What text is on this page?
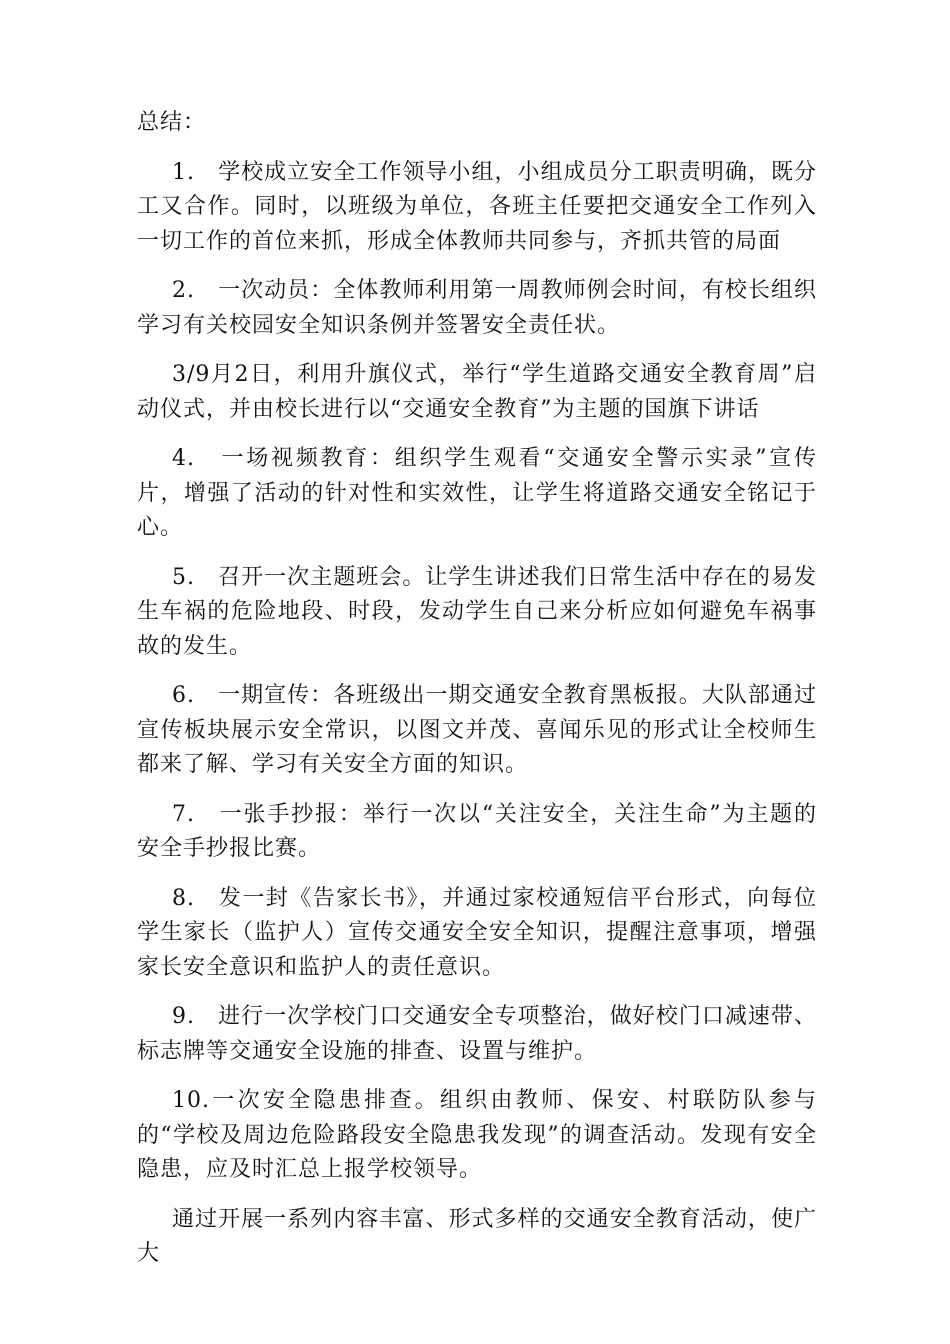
总结：

1.　学校成立安全工作领导小组，小组成员分工职责明确，既分工又合作。同时，以班级为单位，各班主任要把交通安全工作列入一切工作的首位来抓，形成全体教师共同参与，齐抓共管的局面

2.　一次动员：全体教师利用第一周教师例会时间，有校长组织学习有关校园安全知识条例并签署安全责任状。

3/9月2日，利用升旗仪式，举行“学生道路交通安全教育周”启动仪式，并由校长进行以“交通安全教育”为主题的国旗下讲话

4.　一场视频教育：组织学生观看“交通安全警示实录”宣传片，增强了活动的针对性和实效性，让学生将道路交通安全铭记于心。

5.　召开一次主题班会。让学生讲述我们日常生活中存在的易发生车祸的危险地段、时段，发动学生自己来分析应如何避免车祸事故的发生。

6.　一期宣传：各班级出一期交通安全教育黑板报。大队部通过宣传板块展示安全常识，以图文并茂、喜闻乐见的形式让全校师生都来了解、学习有关安全方面的知识。

7.　一张手抄报：举行一次以“关注安全，关注生命”为主题的安全手抄报比赛。

8.　发一封《告家长书》，并通过家校通短信平台形式，向每位学生家长（监护人）宣传交通安全安全知识，提醒注意事项，增强家长安全意识和监护人的责任意识。

9.　进行一次学校门口交通安全专项整治，做好校门口减速带、标志牌等交通安全设施的排查、设置与维护。

10.一次安全隐患排查。组织由教师、保安、村联防队参与的“学校及周边危险路段安全隐患我发现”的调查活动。发现有安全隐患，应及时汇总上报学校领导。

通过开展一系列内容丰富、形式多样的交通安全教育活动，使广大
